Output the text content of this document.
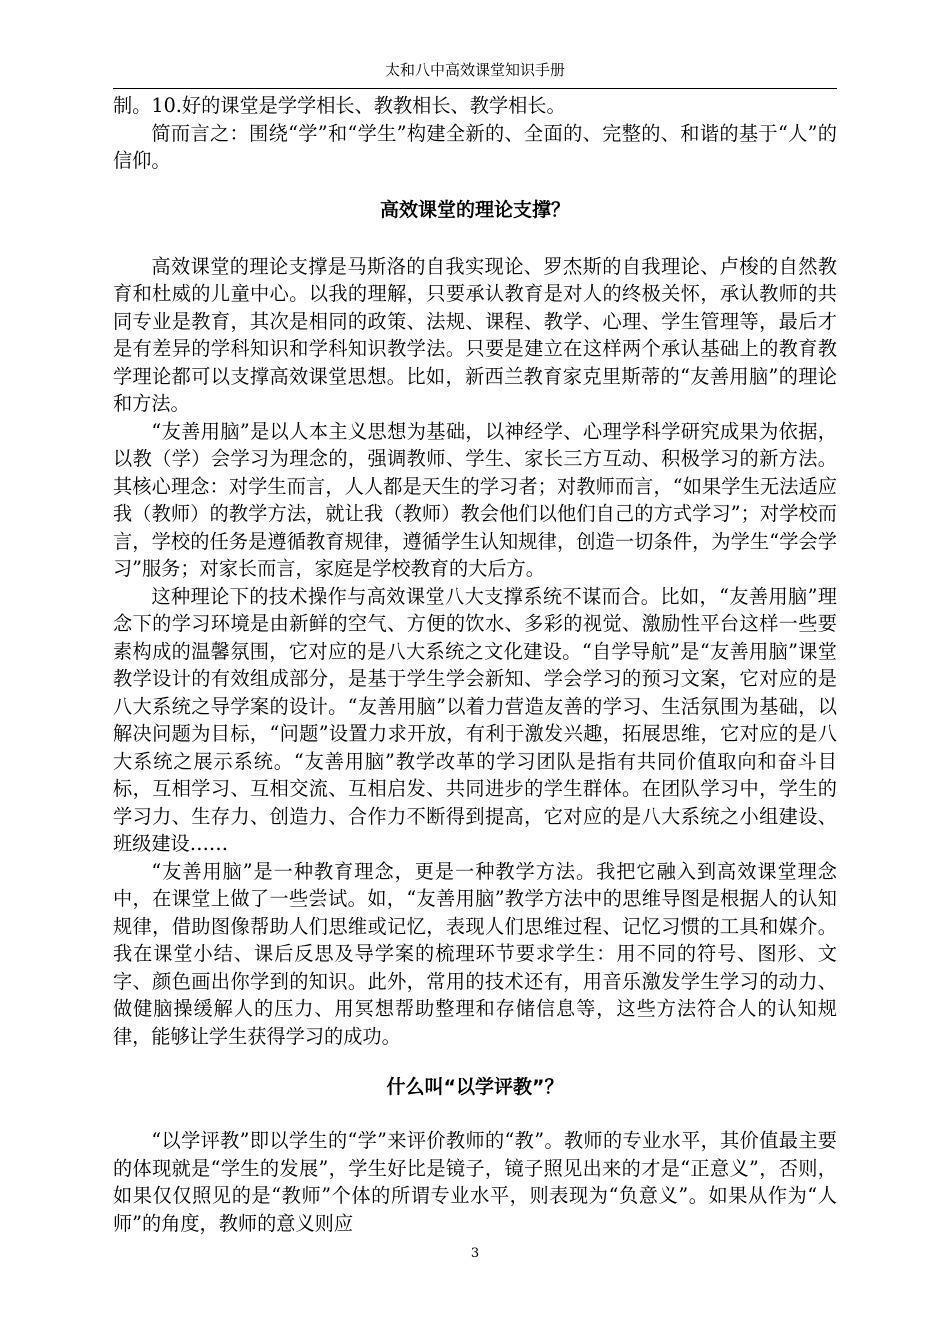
太和八中高效课堂知识手册

制。10.好的课堂是学学相长、教教相长、教学相长。

简而言之：围绕“学”和“学生”构建全新的、全面的、完整的、和谐的基于“人”的信仰。

高效课堂的理论支撑？

高效课堂的理论支撑是马斯洛的自我实现论、罗杰斯的自我理论、卢梭的自然教育和杜威的儿童中心。以我的理解，只要承认教育是对人的终极关怀，承认教师的共同专业是教育，其次是相同的政策、法规、课程、教学、心理、学生管理等，最后才是有差异的学科知识和学科知识教学法。只要是建立在这样两个承认基础上的教育教学理论都可以支撑高效课堂思想。比如，新西兰教育家克里斯蒂的“友善用脑”的理论和方法。

“友善用脑”是以人本主义思想为基础，以神经学、心理学科学研究成果为依据，以教（学）会学习为理念的，强调教师、学生、家长三方互动、积极学习的新方法。其核心理念：对学生而言，人人都是天生的学习者；对教师而言，“如果学生无法适应我（教师）的教学方法，就让我（教师）教会他们以他们自己的方式学习”；对学校而言，学校的任务是遵循教育规律，遵循学生认知规律，创造一切条件，为学生“学会学习”服务；对家长而言，家庭是学校教育的大后方。

这种理论下的技术操作与高效课堂八大支撑系统不谋而合。比如，“友善用脑”理念下的学习环境是由新鲜的空气、方便的饮水、多彩的视觉、激励性平台这样一些要素构成的温馨氛围，它对应的是八大系统之文化建设。“自学导航”是“友善用脑”课堂教学设计的有效组成部分，是基于学生学会新知、学会学习的预习文案，它对应的是八大系统之导学案的设计。“友善用脑”以着力营造友善的学习、生活氛围为基础，以解决问题为目标，“问题”设置力求开放，有利于激发兴趣，拓展思维，它对应的是八大系统之展示系统。“友善用脑”教学改革的学习团队是指有共同价值取向和奋斗目标，互相学习、互相交流、互相启发、共同进步的学生群体。在团队学习中，学生的学习力、生存力、创造力、合作力不断得到提高，它对应的是八大系统之小组建设、班级建设……

“友善用脑”是一种教育理念，更是一种教学方法。我把它融入到高效课堂理念中，在课堂上做了一些尝试。如，“友善用脑”教学方法中的思维导图是根据人的认知规律，借助图像帮助人们思维或记忆，表现人们思维过程、记忆习惯的工具和媒介。我在课堂小结、课后反思及导学案的梳理环节要求学生：用不同的符号、图形、文字、颜色画出你学到的知识。此外，常用的技术还有，用音乐激发学生学习的动力、做健脑操缓解人的压力、用冥想帮助整理和存储信息等，这些方法符合人的认知规律，能够让学生获得学习的成功。

什么叫“以学评教”？

“以学评教”即以学生的“学”来评价教师的“教”。教师的专业水平，其价值最主要的体现就是“学生的发展”，学生好比是镜子，镜子照见出来的才是“正意义”，否则，如果仅仅照见的是“教师”个体的所谓专业水平，则表现为“负意义”。如果从作为“人师”的角度，教师的意义则应

3
